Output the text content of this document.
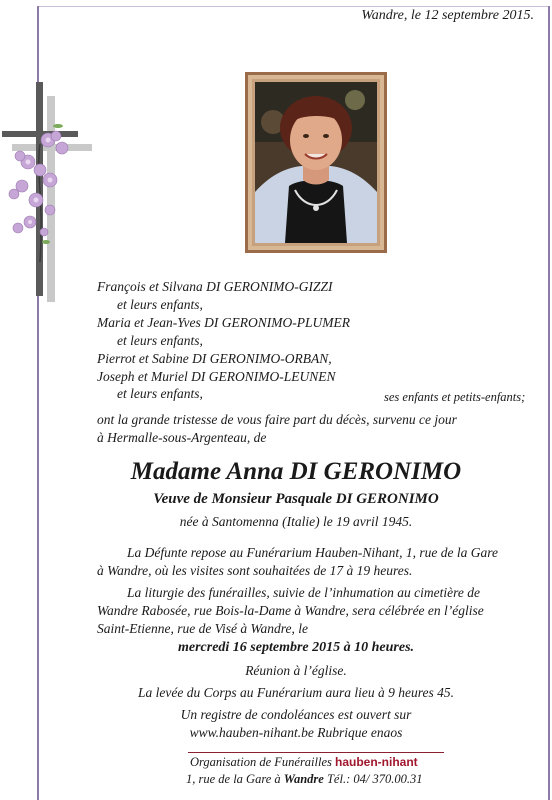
Wandre, le 12 septembre 2015.
François et Silvana DI GERONIMO-GIZZI
et leurs enfants,
Maria et Jean-Yves DI GERONIMO-PLUMER
et leurs enfants,
Pierrot et Sabine DI GERONIMO-ORBAN,
Joseph et Muriel DI GERONIMO-LEUNEN
et leurs enfants,	ses enfants et petits-enfants;
ont la grande tristesse de vous faire part du décès, survenu ce jour
à Hermalle-sous-Argenteau, de
Madame Anna DI GERONIMO
Veuve de Monsieur Pasquale DI GERONIMO
née à Santomenna (Italie) le 19 avril 1945.
La Défunte repose au Funérarium Hauben-Nihant, 1, rue de la Gare
à Wandre, où les visites sont souhaitées de 17 à 19 heures.
La liturgie des funérailles, suivie de l’inhumation au cimetière de
Wandre Rabosée, rue Bois-la-Dame à Wandre, sera célébrée en l’église
Saint-Etienne, rue de Visé à Wandre, le
mercredi 16 septembre 2015 à 10 heures.
Réunion à l’église.
La levée du Corps au Funérarium aura lieu à 9 heures 45.
Un registre de condoléances est ouvert sur
www.hauben-nihant.be Rubrique enaos
Organisation de Funérailles hauben-nihant
1, rue de la Gare à Wandre Tél.: 04/ 370.00.31
